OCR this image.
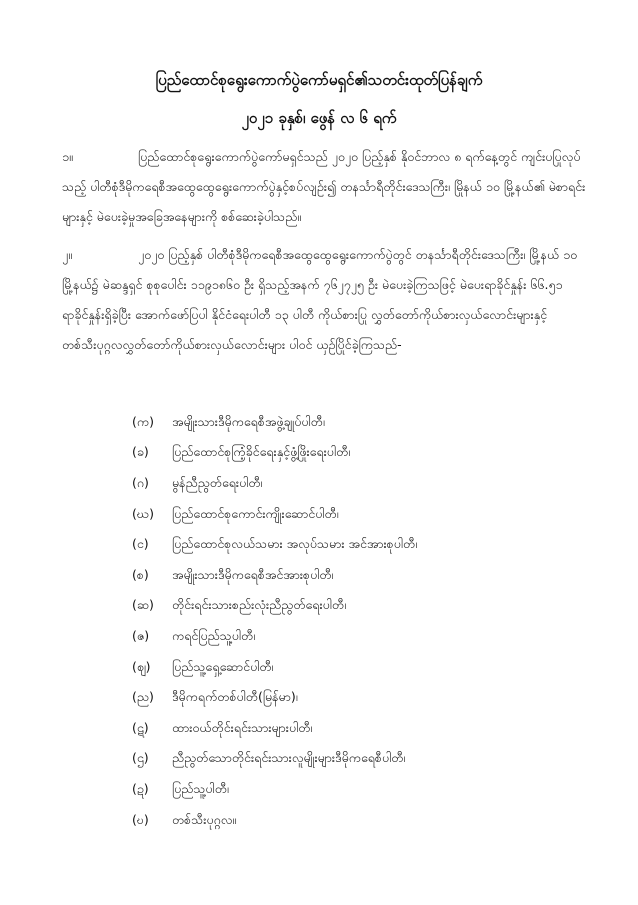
ပြည်ထောင်စုရွေးကောက်ပွဲကော်မရှင်၏သတင်းထုတ်ပြန်ချက်
၂၀၂၁ ခုနှစ်၊ ဖွေန် လ ၆ ရက်
၁။	ပြည်ထောင်စုရွေးကောက်ပွဲကော်မရှင်သည် ၂၀၂၀ ပြည့်နှစ် နိုဝင်ဘာလ ၈ ရက်နေ့တွင် ကျင်းပပြုလုပ်သည့် ပါတီစုံဒီမိုကရေစီအထွေထွေရွေးကောက်ပွဲနှင့်စပ်လျဉ်း၍ တနင်္သာရီတိုင်းဒေသကြီး၊ မြိုနယ် ၁၀ မြို့နယ်၏ မဲစာရင်းများနှင့် မဲပေးခဲ့မှုအခြေအနေများကို စစ်ဆေးခဲ့ပါသည်။
၂။	၂၀၂၀ ပြည့်နှစ် ပါတီစုံဒီမိုကရေစီအထွေထွေရွေးကောက်ပွဲတွင် တနင်္သာရီတိုင်းဒေသကြီး၊ မြို့နယ် ၁၀ မြို့နယ်၌ မဲဆန္ဒရှင် စုစုပေါင်း ၁၁၉၁၈၆၀ ဦး ရှိသည့်အနက် ၇၆၂၇၂၅ ဦး မဲပေးခဲ့ကြသဖြင့် မဲပေးရာခိုင်နှုန်း ၆၆.၅၁ ရာခိုင်နှုန်းရှိခဲ့ပြီး အောက်ဖော်ပြပါ နိုင်ငံရေးပါတီ ၁၃ ပါတီ ကိုယ်စားပြု လွှတ်တော်ကိုယ်စားလှယ်လောင်းများနှင့် တစ်သီးပုဂ္ဂလလွှတ်တော်ကိုယ်စားလှယ်လောင်းများ ပါဝင် ယှဉ်ပြိုင်ခဲ့ကြသည်-
(က)	အမျိုးသားဒီမိုကရေစီအဖွဲ့ချုပ်ပါတီ၊
(ခ)	ပြည်ထောင်စုကြံ့ခိုင်ရေးနှင့်ဖွံ့ဖြိုးရေးပါတီ၊
(ဂ)	မွန်ညီညွတ်ရေးပါတီ၊
(ဃ)	ပြည်ထောင်စုကောင်းကျိုးဆောင်ပါတီ၊
(င)	ပြည်ထောင်စုလယ်သမား အလုပ်သမား အင်အားစုပါတီ၊
(စ)	အမျိုးသားဒီမိုကရေစီအင်အားစုပါတီ၊
(ဆ)	တိုင်းရင်းသားစည်းလုံးညီညွတ်ရေးပါတီ၊
(ဇ)	ကရင်ပြည်သူ့ပါတီ၊
(ဈ)	ပြည်သူ့ရှေ့ဆောင်ပါတီ၊
(ည)	ဒီမိုကရက်တစ်ပါတီ(မြန်မာ)၊
(ဋ)	ထားဝယ်တိုင်းရင်းသားများပါတီ၊
(ဌ)	ညီညွတ်သောတိုင်းရင်းသားလူမျိုးများဒီမိုကရေစီပါတီ၊
(ဍ)	ပြည်သူ့ပါတီ၊
(ဎ)	တစ်သီးပုဂ္ဂလ။
